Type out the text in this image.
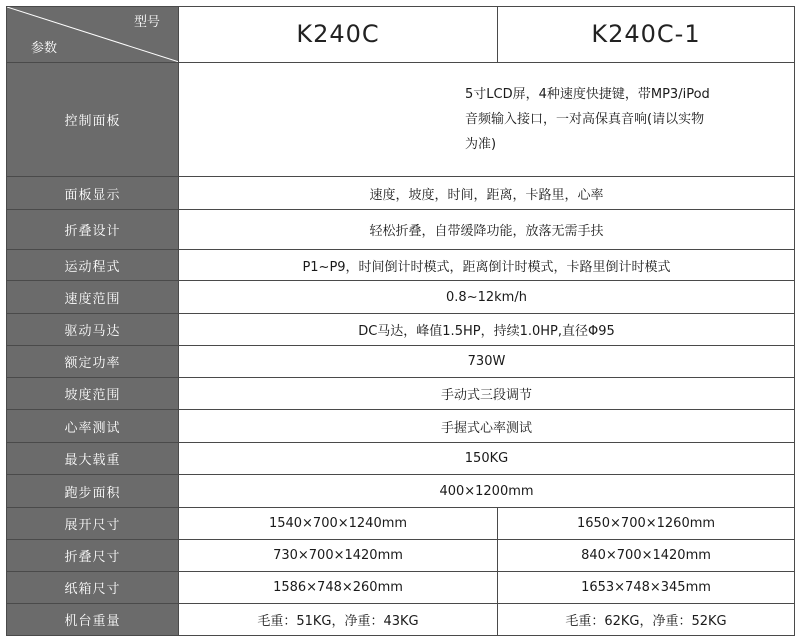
型号
参数	K240C	K240C-1
控制面板	5寸LCD屏，4种速度快捷键，带MP3/iPod音频输入接口，一对高保真音响(请以实物为准)	
面板显示	速度，坡度，时间，距离，卡路里，心率	
折叠设计	轻松折叠，自带缓降功能，放落无需手扶	
运动程式	P1~P9，时间倒计时模式，距离倒计时模式，卡路里倒计时模式	
速度范围	0.8~12km/h	
驱动马达	DC马达，峰值1.5HP，持续1.0HP,直径Φ95	
额定功率	730W	
坡度范围	手动式三段调节	
心率测试	手握式心率测试	
最大载重	150KG	
跑步面积	400×1200mm	
展开尺寸	1540×700×1240mm	1650×700×1260mm
折叠尺寸	730×700×1420mm	840×700×1420mm
纸箱尺寸	1586×748×260mm	1653×748×345mm
机台重量	毛重：51KG，净重：43KG	毛重：62KG，净重：52KG
